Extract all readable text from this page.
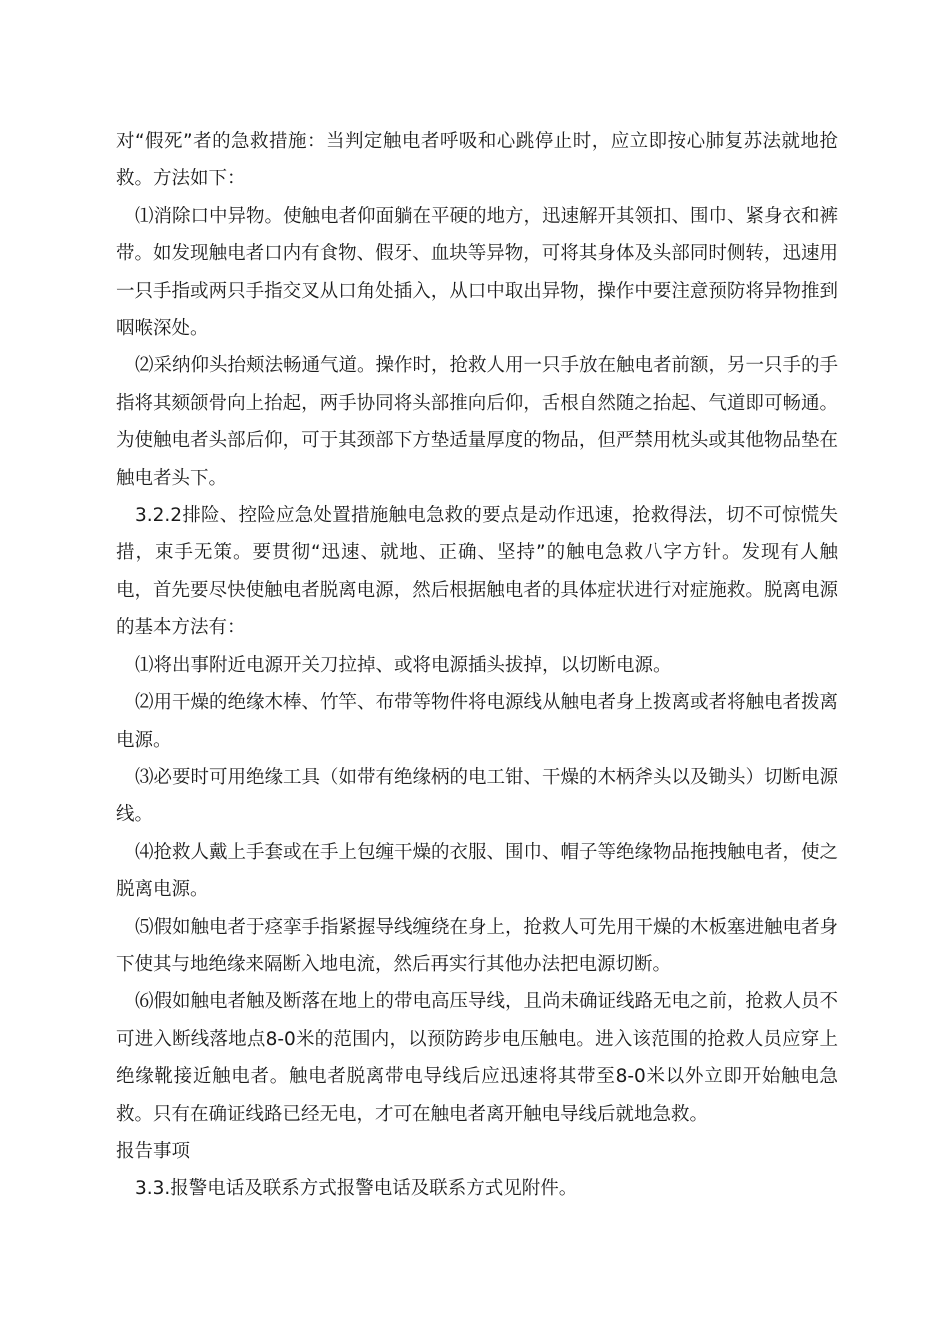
对“假死”者的急救措施：当判定触电者呼吸和心跳停止时，应立即按心肺复苏法就地抢救。方法如下：

⑴消除口中异物。使触电者仰面躺在平硬的地方，迅速解开其领扣、围巾、紧身衣和裤带。如发现触电者口内有食物、假牙、血块等异物，可将其身体及头部同时侧转，迅速用一只手指或两只手指交叉从口角处插入，从口中取出异物，操作中要注意预防将异物推到咽喉深处。

⑵采纳仰头抬颊法畅通气道。操作时，抢救人用一只手放在触电者前额，另一只手的手指将其颏颌骨向上抬起，两手协同将头部推向后仰，舌根自然随之抬起、气道即可畅通。为使触电者头部后仰，可于其颈部下方垫适量厚度的物品，但严禁用枕头或其他物品垫在触电者头下。

3.2.2排险、控险应急处置措施触电急救的要点是动作迅速，抢救得法，切不可惊慌失措，束手无策。要贯彻“迅速、就地、正确、坚持”的触电急救八字方针。发现有人触电，首先要尽快使触电者脱离电源，然后根据触电者的具体症状进行对症施救。脱离电源的基本方法有：

⑴将出事附近电源开关刀拉掉、或将电源插头拔掉，以切断电源。

⑵用干燥的绝缘木棒、竹竿、布带等物件将电源线从触电者身上拨离或者将触电者拨离电源。

⑶必要时可用绝缘工具（如带有绝缘柄的电工钳、干燥的木柄斧头以及锄头）切断电源线。

⑷抢救人戴上手套或在手上包缠干燥的衣服、围巾、帽子等绝缘物品拖拽触电者，使之脱离电源。

⑸假如触电者于痉挛手指紧握导线缠绕在身上，抢救人可先用干燥的木板塞进触电者身下使其与地绝缘来隔断入地电流，然后再实行其他办法把电源切断。

⑹假如触电者触及断落在地上的带电高压导线，且尚未确证线路无电之前，抢救人员不可进入断线落地点8-0米的范围内，以预防跨步电压触电。进入该范围的抢救人员应穿上绝缘靴接近触电者。触电者脱离带电导线后应迅速将其带至8-0米以外立即开始触电急救。只有在确证线路已经无电，才可在触电者离开触电导线后就地急救。

报告事项

3.3.报警电话及联系方式报警电话及联系方式见附件。
